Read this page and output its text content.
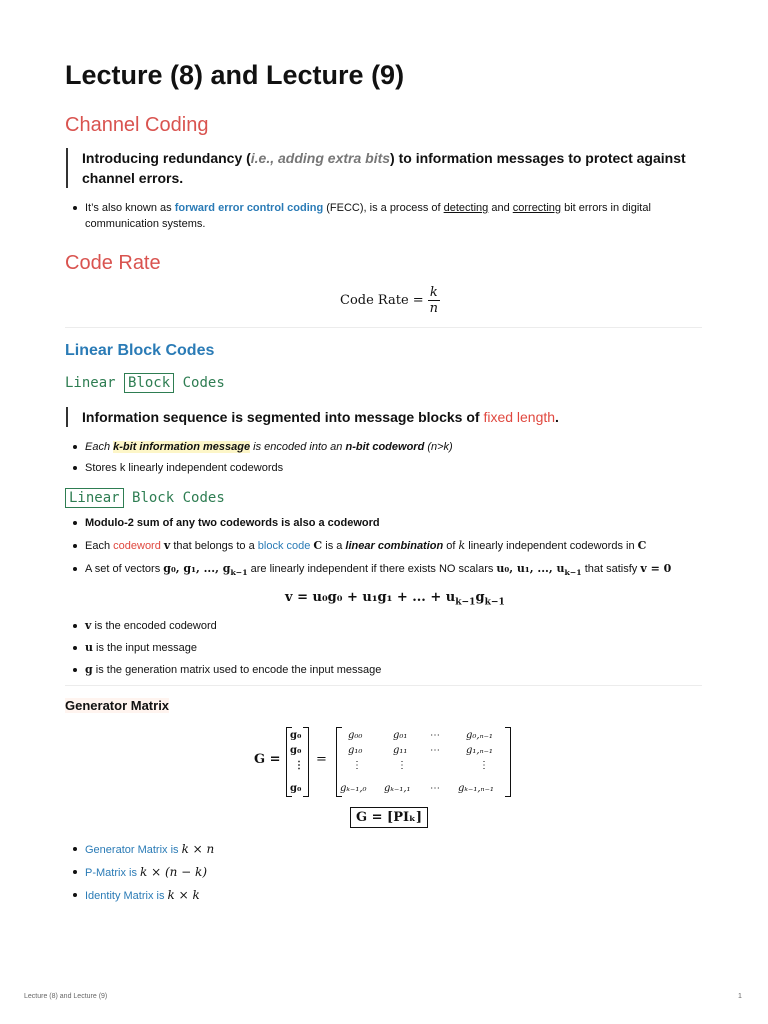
Lecture (8) and Lecture (9)
Channel Coding
Introducing redundancy (i.e., adding extra bits) to information messages to protect against
channel errors.
It’s also known as forward error control coding (FECC), is a process of detecting and correcting bit errors in digital
communication systems.
Code Rate
Code Rate = $\frac{k}{n}$
Linear Block Codes
Linear Block Codes
Information sequence is segmented into message blocks of fixed length.
Each k-bit information message is encoded into an n-bit codeword (n>k)
Stores k linearly independent codewords
Linear Block Codes
Modulo-2 sum of any two codewords is also a codeword
Each codeword v that belongs to a block code C is a linear combination of k linearly independent codewords in C
A set of vectors g₀, g₁, ..., $g_{k-1}$ are linearly independent if there exists NO scalars u₀, u₁, ..., $u_{k-1}$ that satisfy v = 0
v = u₀g₀ + u₁g₁ + ... + $u_{k-1}g_{k-1}$
v is the encoded codeword
u is the input message
g is the generation matrix used to encode the input message
Generator Matrix
G =
g₀
g₀
⋮
g₀
=
g₀₀	g₀₁ ⋯	g₀,ₙ₋₁
g₁₀	g₁₁ ⋯	g₁,ₙ₋₁
⋮	⋮	⋮
gₖ₋₁,₀ gₖ₋₁,₁ ⋯ gₖ₋₁,ₙ₋₁
G = [PIₖ]
Generator Matrix is k × n
P-Matrix is k × (n − k)
Identity Matrix is k × k
Lecture (8) and Lecture (9)	1
